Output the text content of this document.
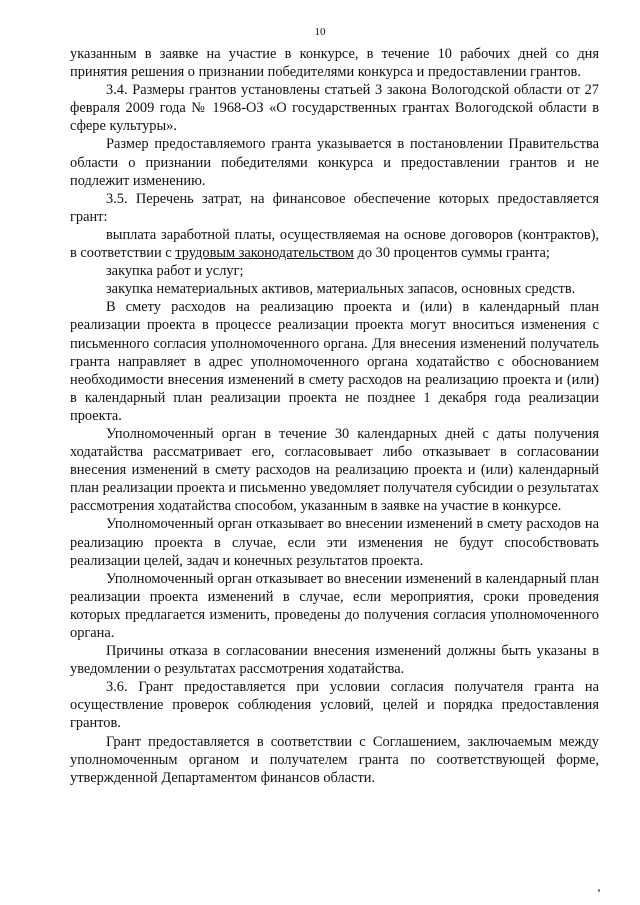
10

указанным в заявке на участие в конкурсе, в течение 10 рабочих дней со дня принятия решения о признании победителями конкурса и предоставлении грантов.

3.4. Размеры грантов установлены статьей 3 закона Вологодской области от 27 февраля 2009 года № 1968-ОЗ «О государственных грантах Вологодской области в сфере культуры».

Размер предоставляемого гранта указывается в постановлении Правительства области о признании победителями конкурса и предоставлении грантов и не подлежит изменению.

3.5. Перечень затрат, на финансовое обеспечение которых предоставляется грант:

выплата заработной платы, осуществляемая на основе договоров (контрактов), в соответствии с трудовым законодательством до 30 процентов суммы гранта;

закупка работ и услуг;

закупка нематериальных активов, материальных запасов, основных средств.

В смету расходов на реализацию проекта и (или) в календарный план реализации проекта в процессе реализации проекта могут вноситься изменения с письменного согласия уполномоченного органа. Для внесения изменений получатель гранта направляет в адрес уполномоченного органа ходатайство с обоснованием необходимости внесения изменений в смету расходов на реализацию проекта и (или) в календарный план реализации проекта не позднее 1 декабря года реализации проекта.

Уполномоченный орган в течение 30 календарных дней с даты получения ходатайства рассматривает его, согласовывает либо отказывает в согласовании внесения изменений в смету расходов на реализацию проекта и (или) календарный план реализации проекта и письменно уведомляет получателя субсидии о результатах рассмотрения ходатайства способом, указанным в заявке на участие в конкурсе.

Уполномоченный орган отказывает во внесении изменений в смету расходов на реализацию проекта в случае, если эти изменения не будут способствовать реализации целей, задач и конечных результатов проекта.

Уполномоченный орган отказывает во внесении изменений в календарный план реализации проекта изменений в случае, если мероприятия, сроки проведения которых предлагается изменить, проведены до получения согласия уполномоченного органа.

Причины отказа в согласовании внесения изменений должны быть указаны в уведомлении о результатах рассмотрения ходатайства.

3.6. Грант предоставляется при условии согласия получателя гранта на осуществление проверок соблюдения условий, целей и порядка предоставления грантов.

Грант предоставляется в соответствии с Соглашением, заключаемым между уполномоченным органом и получателем гранта по соответствующей форме, утвержденной Департаментом финансов области.
